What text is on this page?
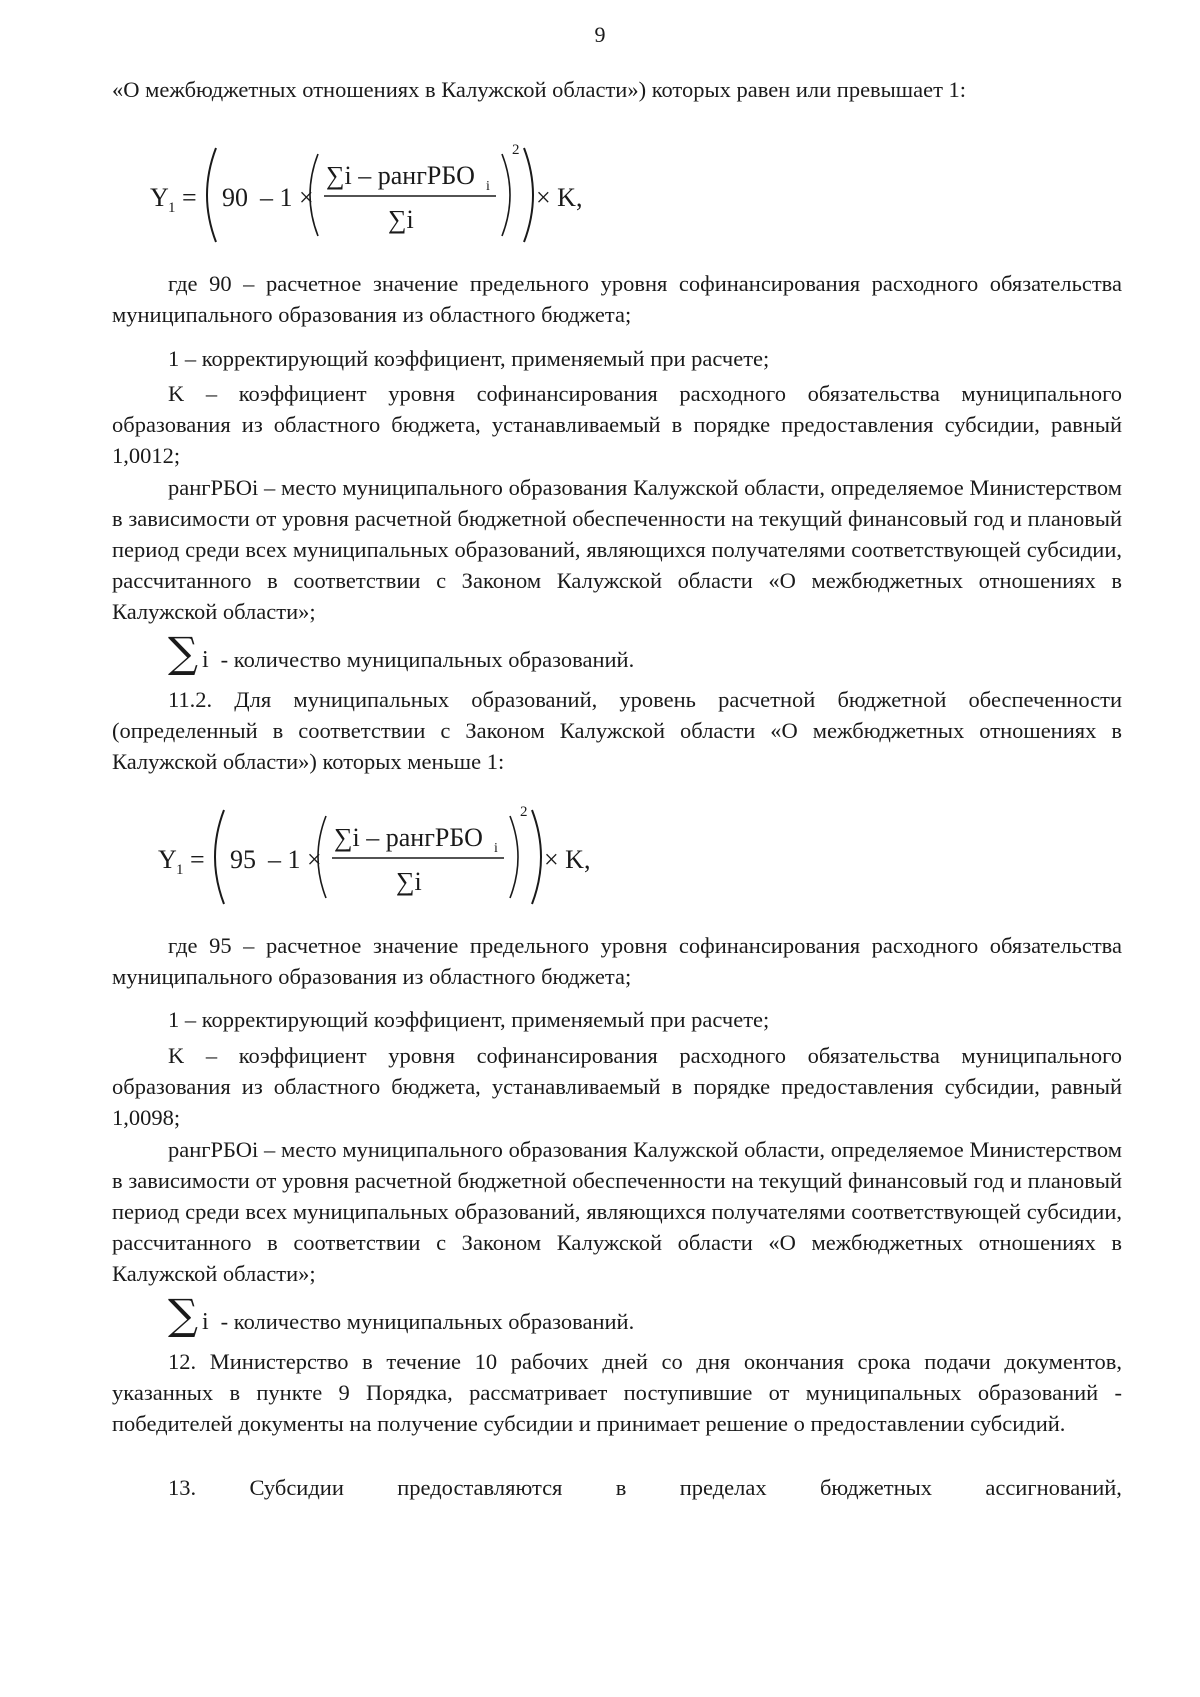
9
«О межбюджетных отношениях в Калужской области») которых равен или превышает 1:
Y 1 = 90 – 1 ×
∑i – рангРБО i
∑i
2
× K,
где 90 – расчетное значение предельного уровня софинансирования расходного обязательства муниципального образования из областного бюджета;
1 – корректирующий коэффициент, применяемый при расчете;
K – коэффициент уровня софинансирования расходного обязательства муниципального образования из областного бюджета, устанавливаемый в порядке предоставления субсидии, равный 1,0012;
рангРБОi – место муниципального образования Калужской области, определяемое Министерством в зависимости от уровня расчетной бюджетной обеспеченности на текущий финансовый год и плановый период среди всех муниципальных образований, являющихся получателями соответствующей субсидии, рассчитанного в соответствии с Законом Калужской области «О межбюджетных отношениях в Калужской области»;
∑ i - количество муниципальных образований.
11.2. Для муниципальных образований, уровень расчетной бюджетной обеспеченности (определенный в соответствии с Законом Калужской области «О межбюджетных отношениях в Калужской области») которых меньше 1:
Y 1 = 95 – 1 ×
∑i – рангРБО i
∑i
2
× K,
где 95 – расчетное значение предельного уровня софинансирования расходного обязательства муниципального образования из областного бюджета;
1 – корректирующий коэффициент, применяемый при расчете;
K – коэффициент уровня софинансирования расходного обязательства муниципального образования из областного бюджета, устанавливаемый в порядке предоставления субсидии, равный 1,0098;
рангРБОi – место муниципального образования Калужской области, определяемое Министерством в зависимости от уровня расчетной бюджетной обеспеченности на текущий финансовый год и плановый период среди всех муниципальных образований, являющихся получателями соответствующей субсидии, рассчитанного в соответствии с Законом Калужской области «О межбюджетных отношениях в Калужской области»;
∑ i - количество муниципальных образований.
12. Министерство в течение 10 рабочих дней со дня окончания срока подачи документов, указанных в пункте 9 Порядка, рассматривает поступившие от муниципальных образований - победителей документы на получение субсидии и принимает решение о предоставлении субсидий.
13. Субсидии предоставляются в пределах бюджетных ассигнований,
